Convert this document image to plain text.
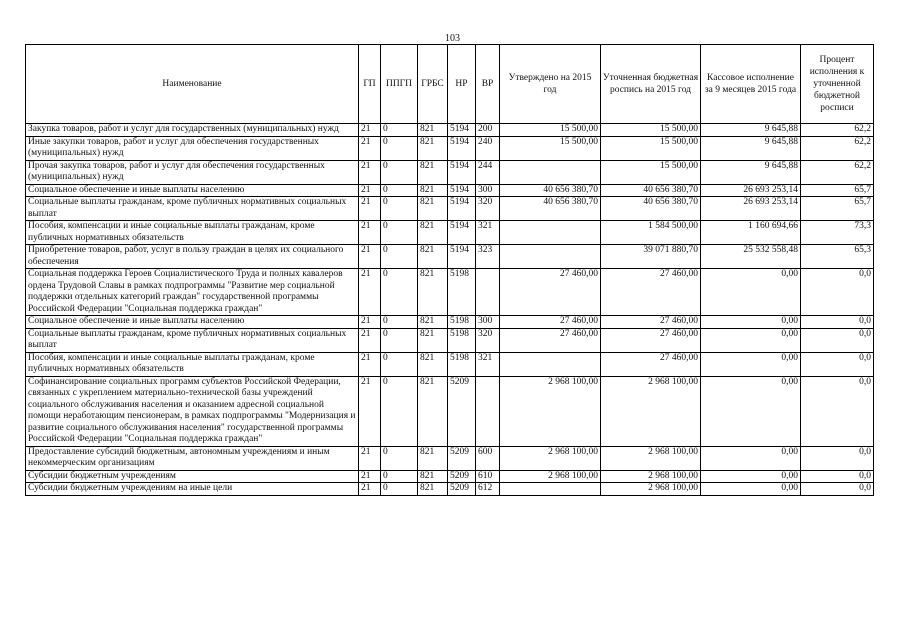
103
Наименование	ГП	ППГП	ГРБС	НР	ВР	Утверждено на 2015 год	Уточненная бюджетная роспись на 2015 год	Кассовое исполнение за 9 месяцев 2015 года	Процент исполнения к уточненной бюджетной росписи
Закупка товаров, работ и услуг для государственных (муниципальных) нужд	21	0	821	5194	200	15 500,00	15 500,00	9 645,88	62,2
Иные закупки товаров, работ и услуг для обеспечения государственных (муниципальных) нужд	21	0	821	5194	240	15 500,00	15 500,00	9 645,88	62,2
Прочая закупка товаров, работ и услуг для обеспечения государственных (муниципальных) нужд	21	0	821	5194	244		15 500,00	9 645,88	62,2
Социальное обеспечение и иные выплаты населению	21	0	821	5194	300	40 656 380,70	40 656 380,70	26 693 253,14	65,7
Социальные выплаты гражданам, кроме публичных нормативных социальных выплат	21	0	821	5194	320	40 656 380,70	40 656 380,70	26 693 253,14	65,7
Пособия, компенсации и иные социальные выплаты гражданам, кроме публичных нормативных обязательств	21	0	821	5194	321		1 584 500,00	1 160 694,66	73,3
Приобретение товаров, работ, услуг в пользу граждан в целях их социального обеспечения	21	0	821	5194	323		39 071 880,70	25 532 558,48	65,3
Социальная поддержка Героев Социалистического Труда и полных кавалеров ордена Трудовой Славы в рамках подпрограммы "Развитие мер социальной поддержки отдельных категорий граждан" государственной программы Российской Федерации "Социальная поддержка граждан"	21	0	821	5198		27 460,00	27 460,00	0,00	0,0
Социальное обеспечение и иные выплаты населению	21	0	821	5198	300	27 460,00	27 460,00	0,00	0,0
Социальные выплаты гражданам, кроме публичных нормативных социальных выплат	21	0	821	5198	320	27 460,00	27 460,00	0,00	0,0
Пособия, компенсации и иные социальные выплаты гражданам, кроме публичных нормативных обязательств	21	0	821	5198	321		27 460,00	0,00	0,0
Софинансирование социальных программ субъектов Российской Федерации, связанных с укреплением материально-технической базы учреждений социального обслуживания населения и оказанием адресной социальной помощи неработающим пенсионерам, в рамках подпрограммы "Модернизация и развитие социального обслуживания населения" государственной программы Российской Федерации "Социальная поддержка граждан"	21	0	821	5209		2 968 100,00	2 968 100,00	0,00	0,0
Предоставление субсидий бюджетным, автономным учреждениям и иным некоммерческим организациям	21	0	821	5209	600	2 968 100,00	2 968 100,00	0,00	0,0
Субсидии бюджетным учреждениям	21	0	821	5209	610	2 968 100,00	2 968 100,00	0,00	0,0
Субсидии бюджетным учреждениям на иные цели	21	0	821	5209	612		2 968 100,00	0,00	0,0
